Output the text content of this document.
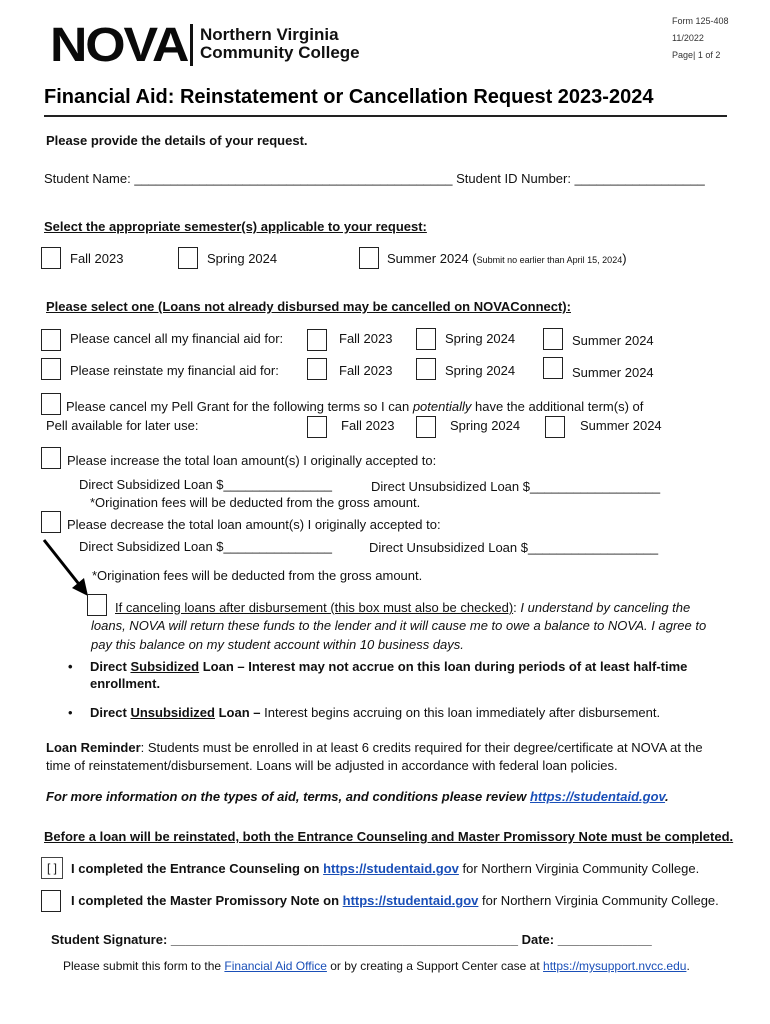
NOVA Northern Virginia
Community College
Form 125-408
11/2022
Page| 1 of 2
Financial Aid: Reinstatement or Cancellation Request 2023-2024
Please provide the details of your request.
Student Name: ____________________________________________ Student ID Number: __________________
Select the appropriate semester(s) applicable to your request:
Fall 2023	Spring 2024	Summer 2024 (Submit no earlier than April 15, 2024)
Please select one (Loans not already disbursed may be cancelled on NOVAConnect):
Please cancel all my financial aid for:	Fall 2023	Spring 2024	Summer 2024
Please reinstate my financial aid for:	Fall 2023	Spring 2024	Summer 2024
Please cancel my Pell Grant for the following terms so I can potentially have the additional term(s) of
Pell available for later use:	Fall 2023	Spring 2024	Summer 2024
Please increase the total loan amount(s) I originally accepted to:
Direct Subsidized Loan $_______________	Direct Unsubsidized Loan $__________________
*Origination fees will be deducted from the gross amount.
Please decrease the total loan amount(s) I originally accepted to:
Direct Subsidized Loan $_______________	Direct Unsubsidized Loan $__________________
*Origination fees will be deducted from the gross amount.
If canceling loans after disbursement (this box must also be checked): I understand by canceling the
loans, NOVA will return these funds to the lender and it will cause me to owe a balance to NOVA. I agree to
pay this balance on my student account within 10 business days.
• Direct Subsidized Loan – Interest may not accrue on this loan during periods of at least half-time
enrollment.
• Direct Unsubsidized Loan – Interest begins accruing on this loan immediately after disbursement.
Loan Reminder: Students must be enrolled in at least 6 credits required for their degree/certificate at NOVA at the
time of reinstatement/disbursement. Loans will be adjusted in accordance with federal loan policies.
For more information on the types of aid, terms, and conditions please review https://studentaid.gov.
Before a loan will be reinstated, both the Entrance Counseling and Master Promissory Note must be completed.
[ ]	I completed the Entrance Counseling on https://studentaid.gov for Northern Virginia Community College.
I completed the Master Promissory Note on https://studentaid.gov for Northern Virginia Community College.
Student Signature: ________________________________________________ Date: _____________
Please submit this form to the Financial Aid Office or by creating a Support Center case at https://mysupport.nvcc.edu.
